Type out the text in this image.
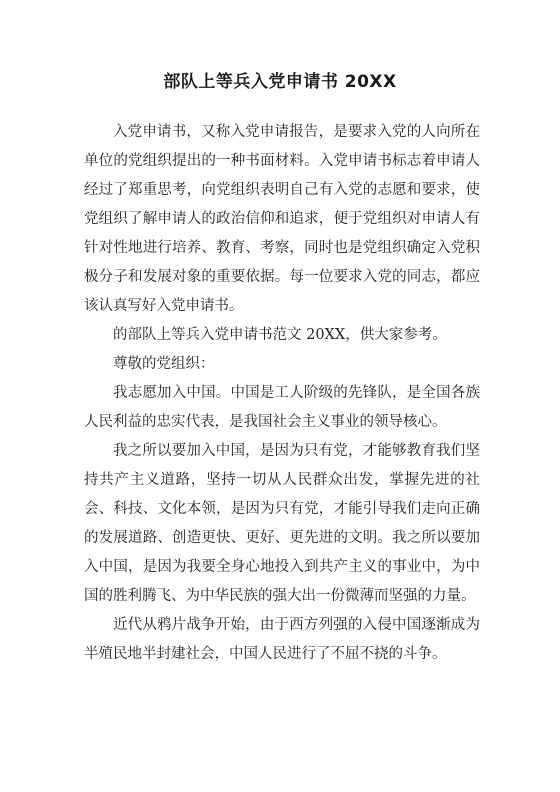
部队上等兵入党申请书 20XX

入党申请书，又称入党申请报告，是要求入党的人向所在单位的党组织提出的一种书面材料。入党申请书标志着申请人经过了郑重思考，向党组织表明自己有入党的志愿和要求，使党组织了解申请人的政治信仰和追求，便于党组织对申请人有针对性地进行培养、教育、考察，同时也是党组织确定入党积极分子和发展对象的重要依据。每一位要求入党的同志，都应该认真写好入党申请书。

的部队上等兵入党申请书范文 20XX，供大家参考。

尊敬的党组织：

我志愿加入中国。中国是工人阶级的先锋队，是全国各族人民利益的忠实代表，是我国社会主义事业的领导核心。

我之所以要加入中国，是因为只有党，才能够教育我们坚持共产主义道路，坚持一切从人民群众出发，掌握先进的社会、科技、文化本领，是因为只有党，才能引导我们走向正确的发展道路、创造更快、更好、更先进的文明。我之所以要加入中国，是因为我要全身心地投入到共产主义的事业中，为中国的胜利腾飞、为中华民族的强大出一份微薄而坚强的力量。

近代从鸦片战争开始，由于西方列强的入侵中国逐渐成为半殖民地半封建社会，中国人民进行了不屈不挠的斗争。
